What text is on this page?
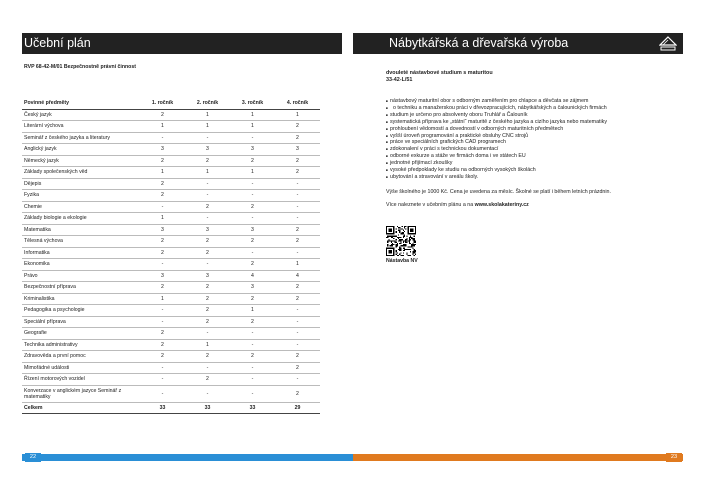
Učební plán
RVP 68-42-M/01 Bezpečnostně právní činnost
Povinné předměty	1. ročník	2. ročník	3. ročník	4. ročník
Český jazyk	2	1	1	1
Literární výchova	1	1	1	2
Seminář z českého jazyka a literatury	-	-	-	2
Anglický jazyk	3	3	3	3
Německý jazyk	2	2	2	2
Základy společenských věd	1	1	1	2
Dějepis	2	-	-	-
Fyzika	2	-	-	-
Chemie	-	2	2	-
Základy biologie a ekologie	1	-	-	-
Matematika	3	3	3	2
Tělesná výchova	2	2	2	2
Informatika	2	2	-	-
Ekonomika	-	-	2	1
Právo	3	3	4	4
Bezpečnostní příprava	2	2	3	2
Kriminalistika	1	2	2	2
Pedagogika a psychologie	-	2	1	-
Speciální příprava	-	2	2	-
Geografie	2	-	-	-
Technika administrativy	2	1	-	-
Zdravověda a první pomoc	2	2	2	2
Mimořádné události	-	-	-	2
Řízení motorových vozidel	-	2	-	-
Konverzace v anglickém jazyce Seminář z matematiky	-	-	-	2
Celkem	33	33	33	29
22
Nábytkářská a dřevařská výroba
dvouleté nástavbové studium s maturitou
33-42-L/51
■ nástavbový maturitní obor s odborným zaměřením pro chlapce a děvčata se zájmem
■ o techniku a manažerskou práci v dřevozpracujících, nábytkářských a čalounických firmách
■ studium je určeno pro absolventy oboru Truhlář a Čalouník
■ systematická příprava ke „státní“ maturitě z českého jazyka a cizího jazyka nebo matematiky
■ prohloubení vědomostí a dovedností v odborných maturitních předmětech
■ vyšší úroveň programování a praktické obsluhy CNC strojů
■ práce ve speciálních grafických CAD programech
■ zdokonalení v práci s technickou dokumentací
■ odborné exkurze a stáže ve firmách doma i ve státech EU
■ jednotné přijímací zkoušky
■ vysoké předpoklady ke studiu na odborných vysokých školách
■ ubytování a stravování v areálu školy.
Výše školného je 1000 Kč. Cena je uvedena za měsíc. Školné se platí i během letních prázdnin.
Více naleznete v učebním plánu a na www.skolakateriny.cz
Nástavba NV
23
